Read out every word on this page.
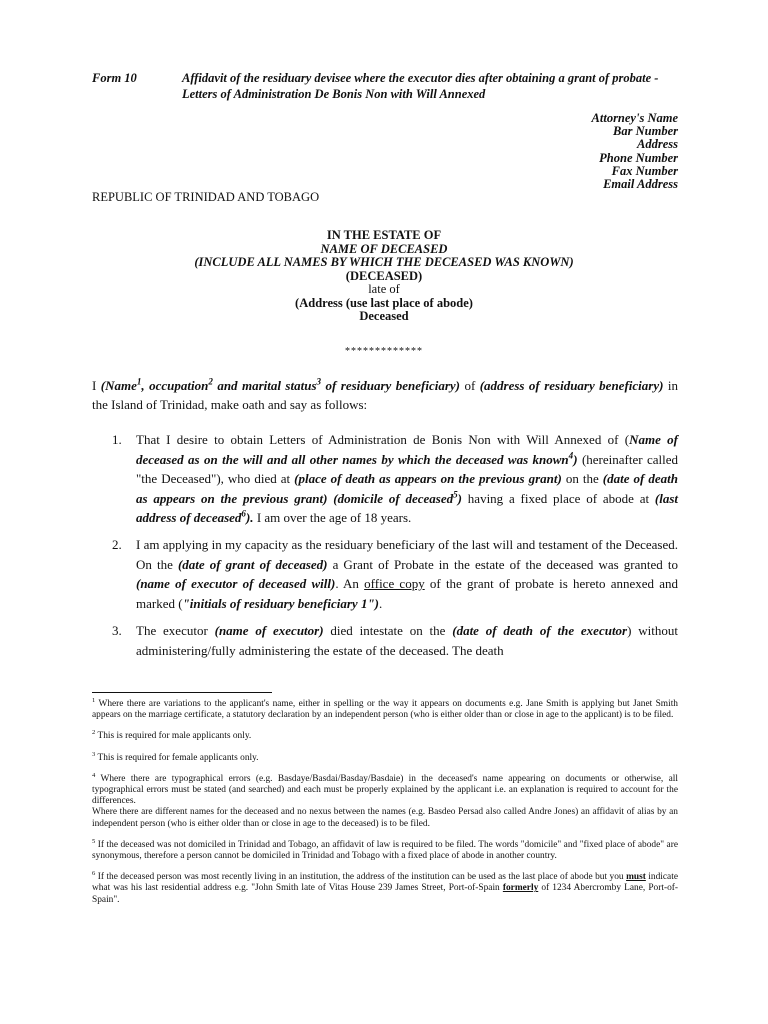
Form 10	Affidavit of the residuary devisee where the executor dies after obtaining a grant of probate - Letters of Administration De Bonis Non with Will Annexed
Attorney's Name
Bar Number
Address
Phone Number
Fax Number
Email Address
REPUBLIC OF TRINIDAD AND TOBAGO
IN THE ESTATE OF
NAME OF DECEASED
(INCLUDE ALL NAMES BY WHICH THE DECEASED WAS KNOWN)
(DECEASED)
late of
(Address (use last place of abode)
Deceased
*************
I (Name$^1$, occupation$^2$ and marital status$^3$ of residuary beneficiary) of (address of residuary beneficiary) in the Island of Trinidad, make oath and say as follows:
1.	That I desire to obtain Letters of Administration de Bonis Non with Will Annexed of (Name of deceased as on the will and all other names by which the deceased was known$^4$) (hereinafter called "the Deceased"), who died at (place of death as appears on the previous grant) on the (date of death as appears on the previous grant) (domicile of deceased$^5$) having a fixed place of abode at (last address of deceased$^6$). I am over the age of 18 years.
2.	I am applying in my capacity as the residuary beneficiary of the last will and testament of the Deceased. On the (date of grant of deceased) a Grant of Probate in the estate of the deceased was granted to (name of executor of deceased will). An office copy of the grant of probate is hereto annexed and marked ("initials of residuary beneficiary 1").
3.	The executor (name of executor) died intestate on the (date of death of the executor) without administering/fully administering the estate of the deceased. The death

$^1$ Where there are variations to the applicant's name, either in spelling or the way it appears on documents e.g. Jane Smith is applying but Janet Smith appears on the marriage certificate, a statutory declaration by an independent person (who is either older than or close in age to the applicant) is to be filed.

$^2$ This is required for male applicants only.

$^3$ This is required for female applicants only.

$^4$ Where there are typographical errors (e.g. Basdaye/Basdai/Basday/Basdaie) in the deceased's name appearing on documents or otherwise, all typographical errors must be stated (and searched) and each must be properly explained by the applicant i.e. an explanation is required to account for the differences.
Where there are different names for the deceased and no nexus between the names (e.g. Basdeo Persad also called Andre Jones) an affidavit of alias by an independent person (who is either older than or close in age to the deceased) is to be filed.

$^5$ If the deceased was not domiciled in Trinidad and Tobago, an affidavit of law is required to be filed. The words "domicile" and "fixed place of abode" are synonymous, therefore a person cannot be domiciled in Trinidad and Tobago with a fixed place of abode in another country.

$^6$ If the deceased person was most recently living in an institution, the address of the institution can be used as the last place of abode but you must indicate what was his last residential address e.g. "John Smith late of Vitas House 239 James Street, Port-of-Spain formerly of 1234 Abercromby Lane, Port-of-Spain".
